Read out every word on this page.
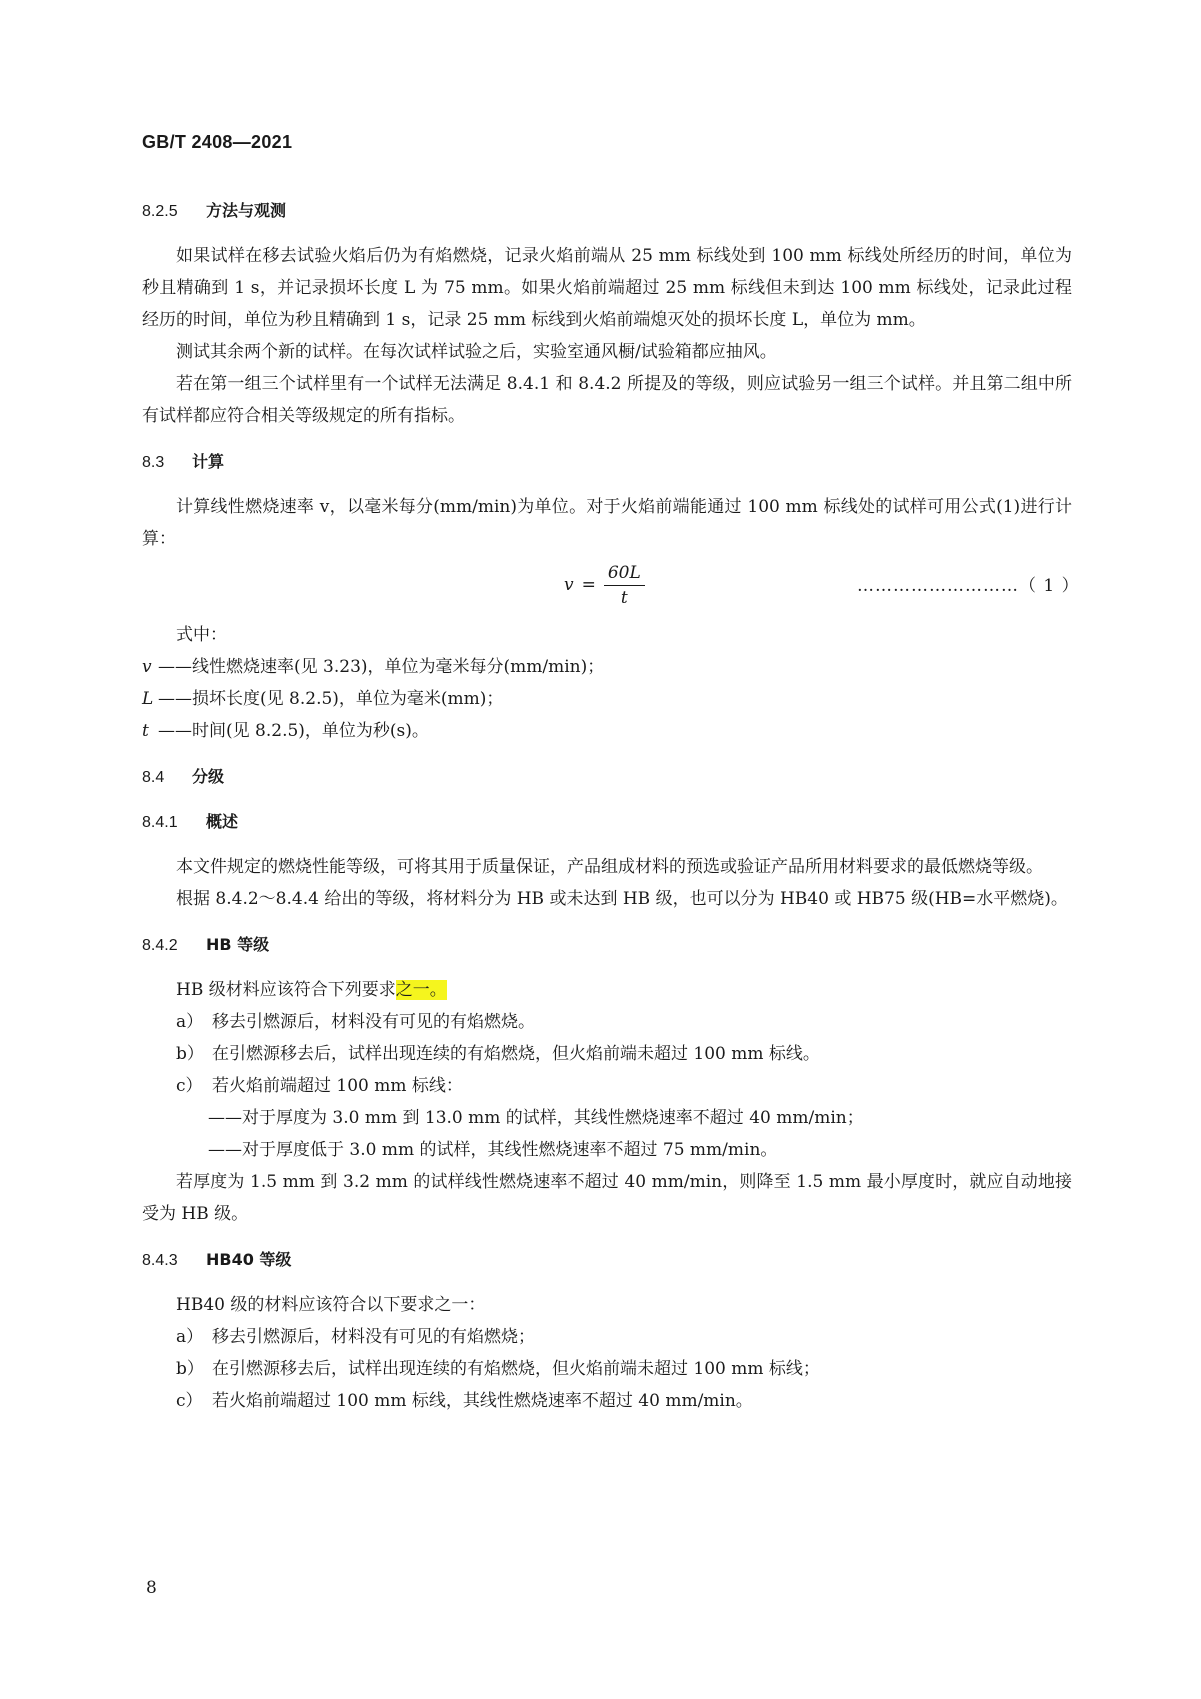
GB/T 2408—2021
8.2.5 方法与观测

如果试样在移去试验火焰后仍为有焰燃烧，记录火焰前端从 25 mm 标线处到 100 mm 标线处所经历的时间，单位为秒且精确到 1 s，并记录损坏长度 L 为 75 mm。如果火焰前端超过 25 mm 标线但未到达 100 mm 标线处，记录此过程经历的时间，单位为秒且精确到 1 s，记录 25 mm 标线到火焰前端熄灭处的损坏长度 L，单位为 mm。

测试其余两个新的试样。在每次试样试验之后，实验室通风橱/试验箱都应抽风。

若在第一组三个试样里有一个试样无法满足 8.4.1 和 8.4.2 所提及的等级，则应试验另一组三个试样。并且第二组中所有试样都应符合相关等级规定的所有指标。

8.3 计算

计算线性燃烧速率 v，以毫米每分(mm/min)为单位。对于火焰前端能通过 100 mm 标线处的试样可用公式(1)进行计算：

$v = \frac{60L}{t}$	………………………（ 1 ）

式中：

v ——线性燃烧速率(见 3.23)，单位为毫米每分(mm/min)；

L ——损坏长度(见 8.2.5)，单位为毫米(mm)；

t ——时间(见 8.2.5)，单位为秒(s)。

8.4 分级
8.4.1 概述

本文件规定的燃烧性能等级，可将其用于质量保证，产品组成材料的预选或验证产品所用材料要求的最低燃烧等级。

根据 8.4.2～8.4.4 给出的等级，将材料分为 HB 或未达到 HB 级，也可以分为 HB40 或 HB75 级(HB=水平燃烧)。

8.4.2 HB 等级

HB 级材料应该符合下列要求之一。

a） 移去引燃源后，材料没有可见的有焰燃烧。

b） 在引燃源移去后，试样出现连续的有焰燃烧，但火焰前端未超过 100 mm 标线。

c） 若火焰前端超过 100 mm 标线：

——对于厚度为 3.0 mm 到 13.0 mm 的试样，其线性燃烧速率不超过 40 mm/min；

——对于厚度低于 3.0 mm 的试样，其线性燃烧速率不超过 75 mm/min。

若厚度为 1.5 mm 到 3.2 mm 的试样线性燃烧速率不超过 40 mm/min，则降至 1.5 mm 最小厚度时，就应自动地接受为 HB 级。

8.4.3 HB40 等级

HB40 级的材料应该符合以下要求之一：

a） 移去引燃源后，材料没有可见的有焰燃烧；

b） 在引燃源移去后，试样出现连续的有焰燃烧，但火焰前端未超过 100 mm 标线；

c） 若火焰前端超过 100 mm 标线，其线性燃烧速率不超过 40 mm/min。

8
